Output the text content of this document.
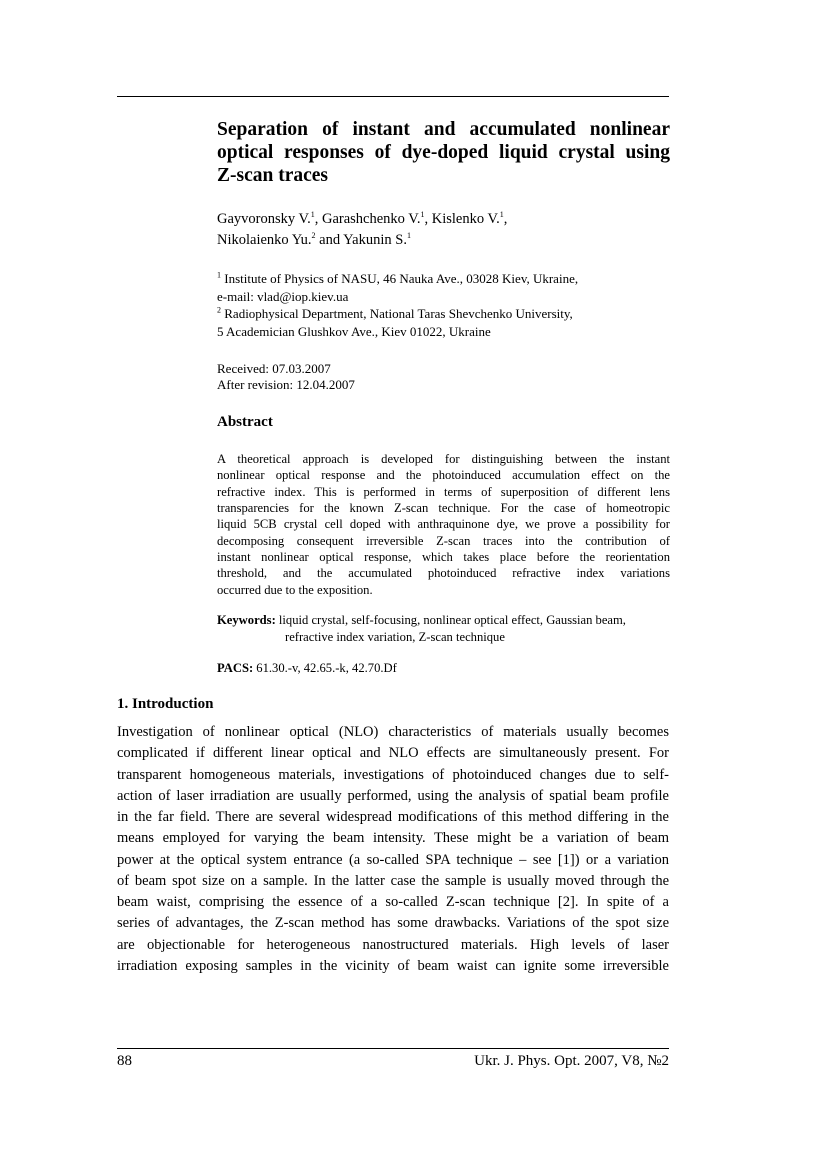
Separation of instant and accumulated nonlinear
optical responses of dye-doped liquid crystal using
Z-scan traces
Gayvoronsky V.$^1$, Garashchenko V.$^1$, Kislenko V.$^1$,
Nikolaienko Yu.$^2$ and Yakunin S.$^1$
$^1$ Institute of Physics of NASU, 46 Nauka Ave., 03028 Kiev, Ukraine,
e-mail: vlad@iop.kiev.ua
$^2$ Radiophysical Department, National Taras Shevchenko University,
5 Academician Glushkov Ave., Kiev 01022, Ukraine
Received: 07.03.2007
After revision: 12.04.2007
Abstract
A theoretical approach is developed for distinguishing between the instant
nonlinear optical response and the photoinduced accumulation effect on the
refractive index. This is performed in terms of superposition of different lens
transparencies for the known Z-scan technique. For the case of homeotropic
liquid 5CB crystal cell doped with anthraquinone dye, we prove a possibility for
decomposing consequent irreversible Z-scan traces into the contribution of
instant nonlinear optical response, which takes place before the reorientation
threshold, and the accumulated photoinduced refractive index variations
occurred due to the exposition.
Keywords: liquid crystal, self-focusing, nonlinear optical effect, Gaussian beam,
refractive index variation, Z-scan technique
PACS: 61.30.-v, 42.65.-k, 42.70.Df
1. Introduction
Investigation of nonlinear optical (NLO) characteristics of materials usually becomes
complicated if different linear optical and NLO effects are simultaneously present. For
transparent homogeneous materials, investigations of photoinduced changes due to self-
action of laser irradiation are usually performed, using the analysis of spatial beam profile
in the far field. There are several widespread modifications of this method differing in the
means employed for varying the beam intensity. These might be a variation of beam
power at the optical system entrance (a so-called SPA technique – see [1]) or a variation
of beam spot size on a sample. In the latter case the sample is usually moved through the
beam waist, comprising the essence of a so-called Z-scan technique [2]. In spite of a
series of advantages, the Z-scan method has some drawbacks. Variations of the spot size
are objectionable for heterogeneous nanostructured materials. High levels of laser
irradiation exposing samples in the vicinity of beam waist can ignite some irreversible
88	Ukr. J. Phys. Opt. 2007, V8, №2
